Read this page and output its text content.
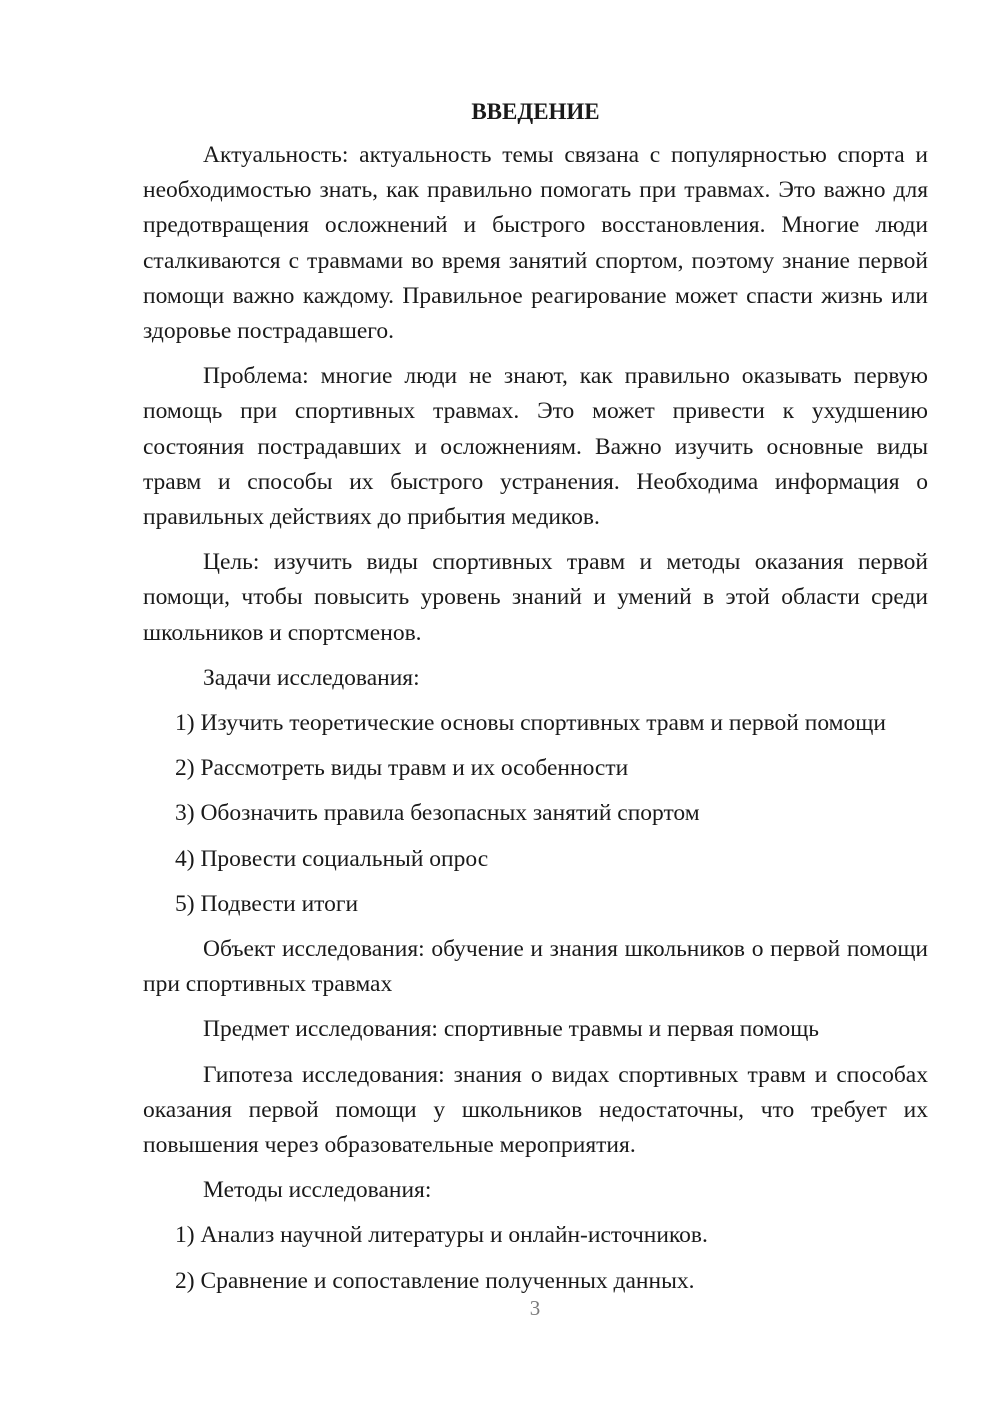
ВВЕДЕНИЕ

Актуальность: актуальность темы связана с популярностью спорта и необходимостью знать, как правильно помогать при травмах. Это важно для предотвращения осложнений и быстрого восстановления. Многие люди сталкиваются с травмами во время занятий спортом, поэтому знание первой помощи важно каждому. Правильное реагирование может спасти жизнь или здоровье пострадавшего.

Проблема: многие люди не знают, как правильно оказывать первую помощь при спортивных травмах. Это может привести к ухудшению состояния пострадавших и осложнениям. Важно изучить основные виды травм и способы их быстрого устранения. Необходима информация о правильных действиях до прибытия медиков.

Цель: изучить виды спортивных травм и методы оказания первой помощи, чтобы повысить уровень знаний и умений в этой области среди школьников и спортсменов.

Задачи исследования:

1) Изучить теоретические основы спортивных травм и первой помощи

2) Рассмотреть виды травм и их особенности

3) Обозначить правила безопасных занятий спортом

4) Провести социальный опрос

5) Подвести итоги

Объект исследования: обучение и знания школьников о первой помощи при спортивных травмах

Предмет исследования: спортивные травмы и первая помощь

Гипотеза исследования: знания о видах спортивных травм и способах оказания первой помощи у школьников недостаточны, что требует их повышения через образовательные мероприятия.

Методы исследования:

1) Анализ научной литературы и онлайн-источников.

2) Сравнение и сопоставление полученных данных.

3
